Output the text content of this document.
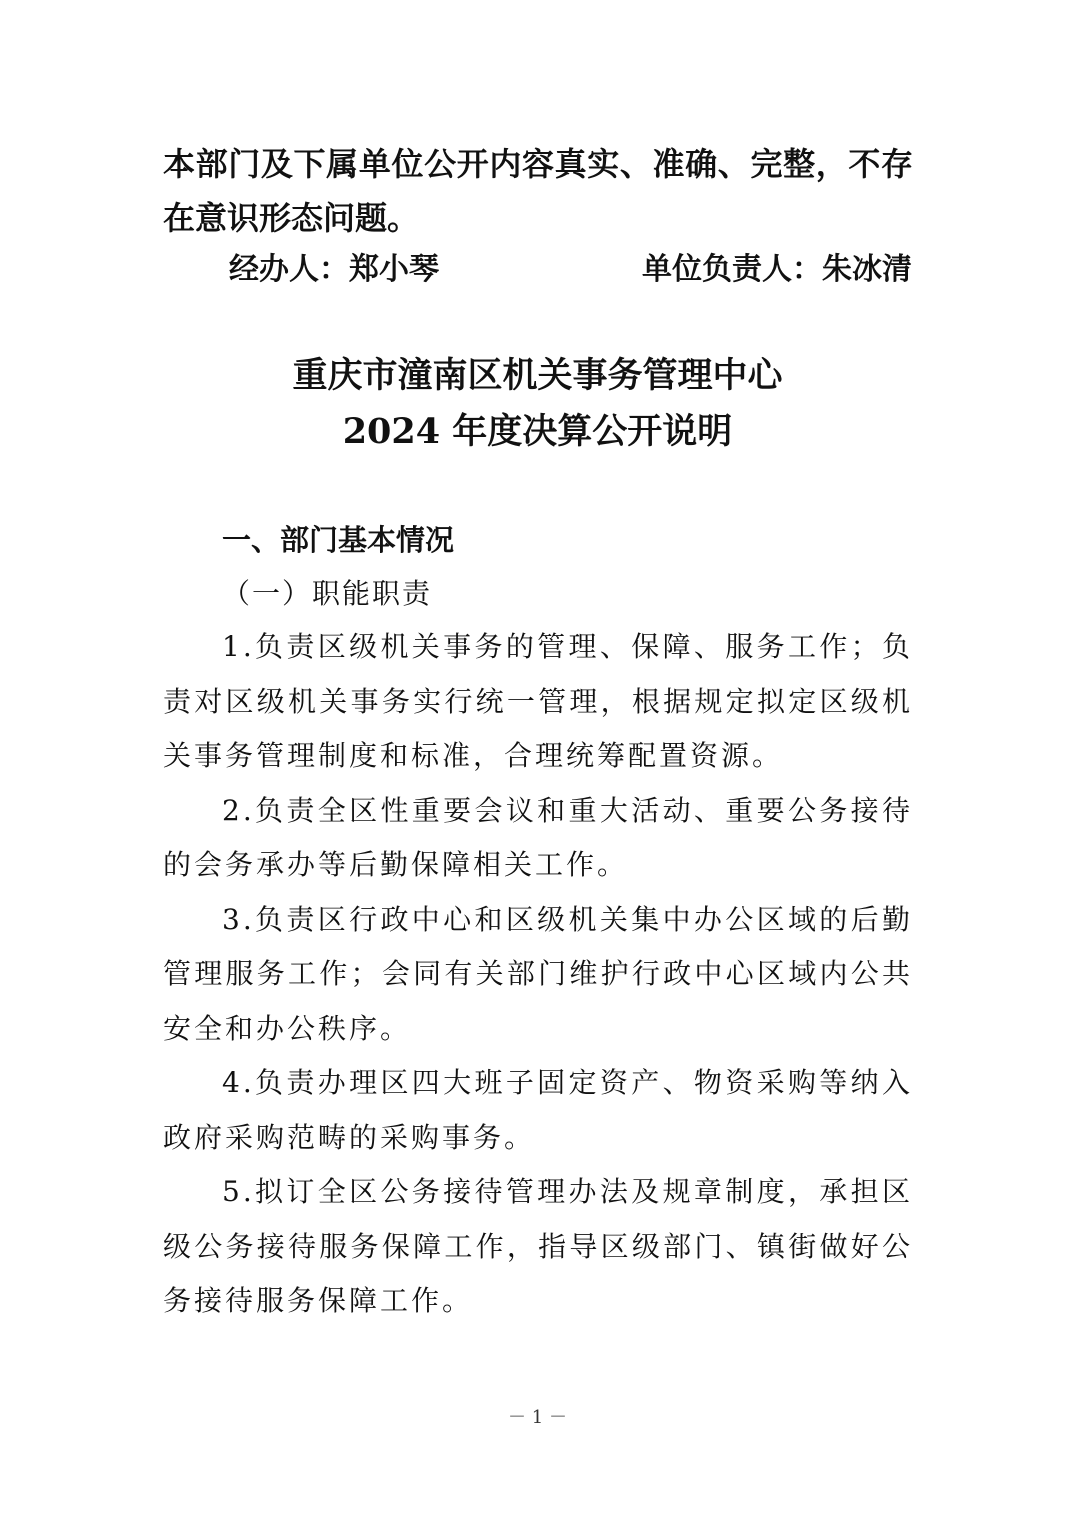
本部门及下属单位公开内容真实、准确、完整，不存在意识形态问题。
经办人：郑小琴	单位负责人：朱冰清
重庆市潼南区机关事务管理中心
2024 年度决算公开说明
一、部门基本情况
（一）职能职责

1.负责区级机关事务的管理、保障、服务工作；负责对区级机关事务实行统一管理，根据规定拟定区级机关事务管理制度和标准，合理统筹配置资源。

2.负责全区性重要会议和重大活动、重要公务接待的会务承办等后勤保障相关工作。

3.负责区行政中心和区级机关集中办公区域的后勤管理服务工作；会同有关部门维护行政中心区域内公共安全和办公秩序。

4.负责办理区四大班子固定资产、物资采购等纳入政府采购范畴的采购事务。

5.拟订全区公务接待管理办法及规章制度，承担区级公务接待服务保障工作，指导区级部门、镇街做好公务接待服务保障工作。

－ 1 －
